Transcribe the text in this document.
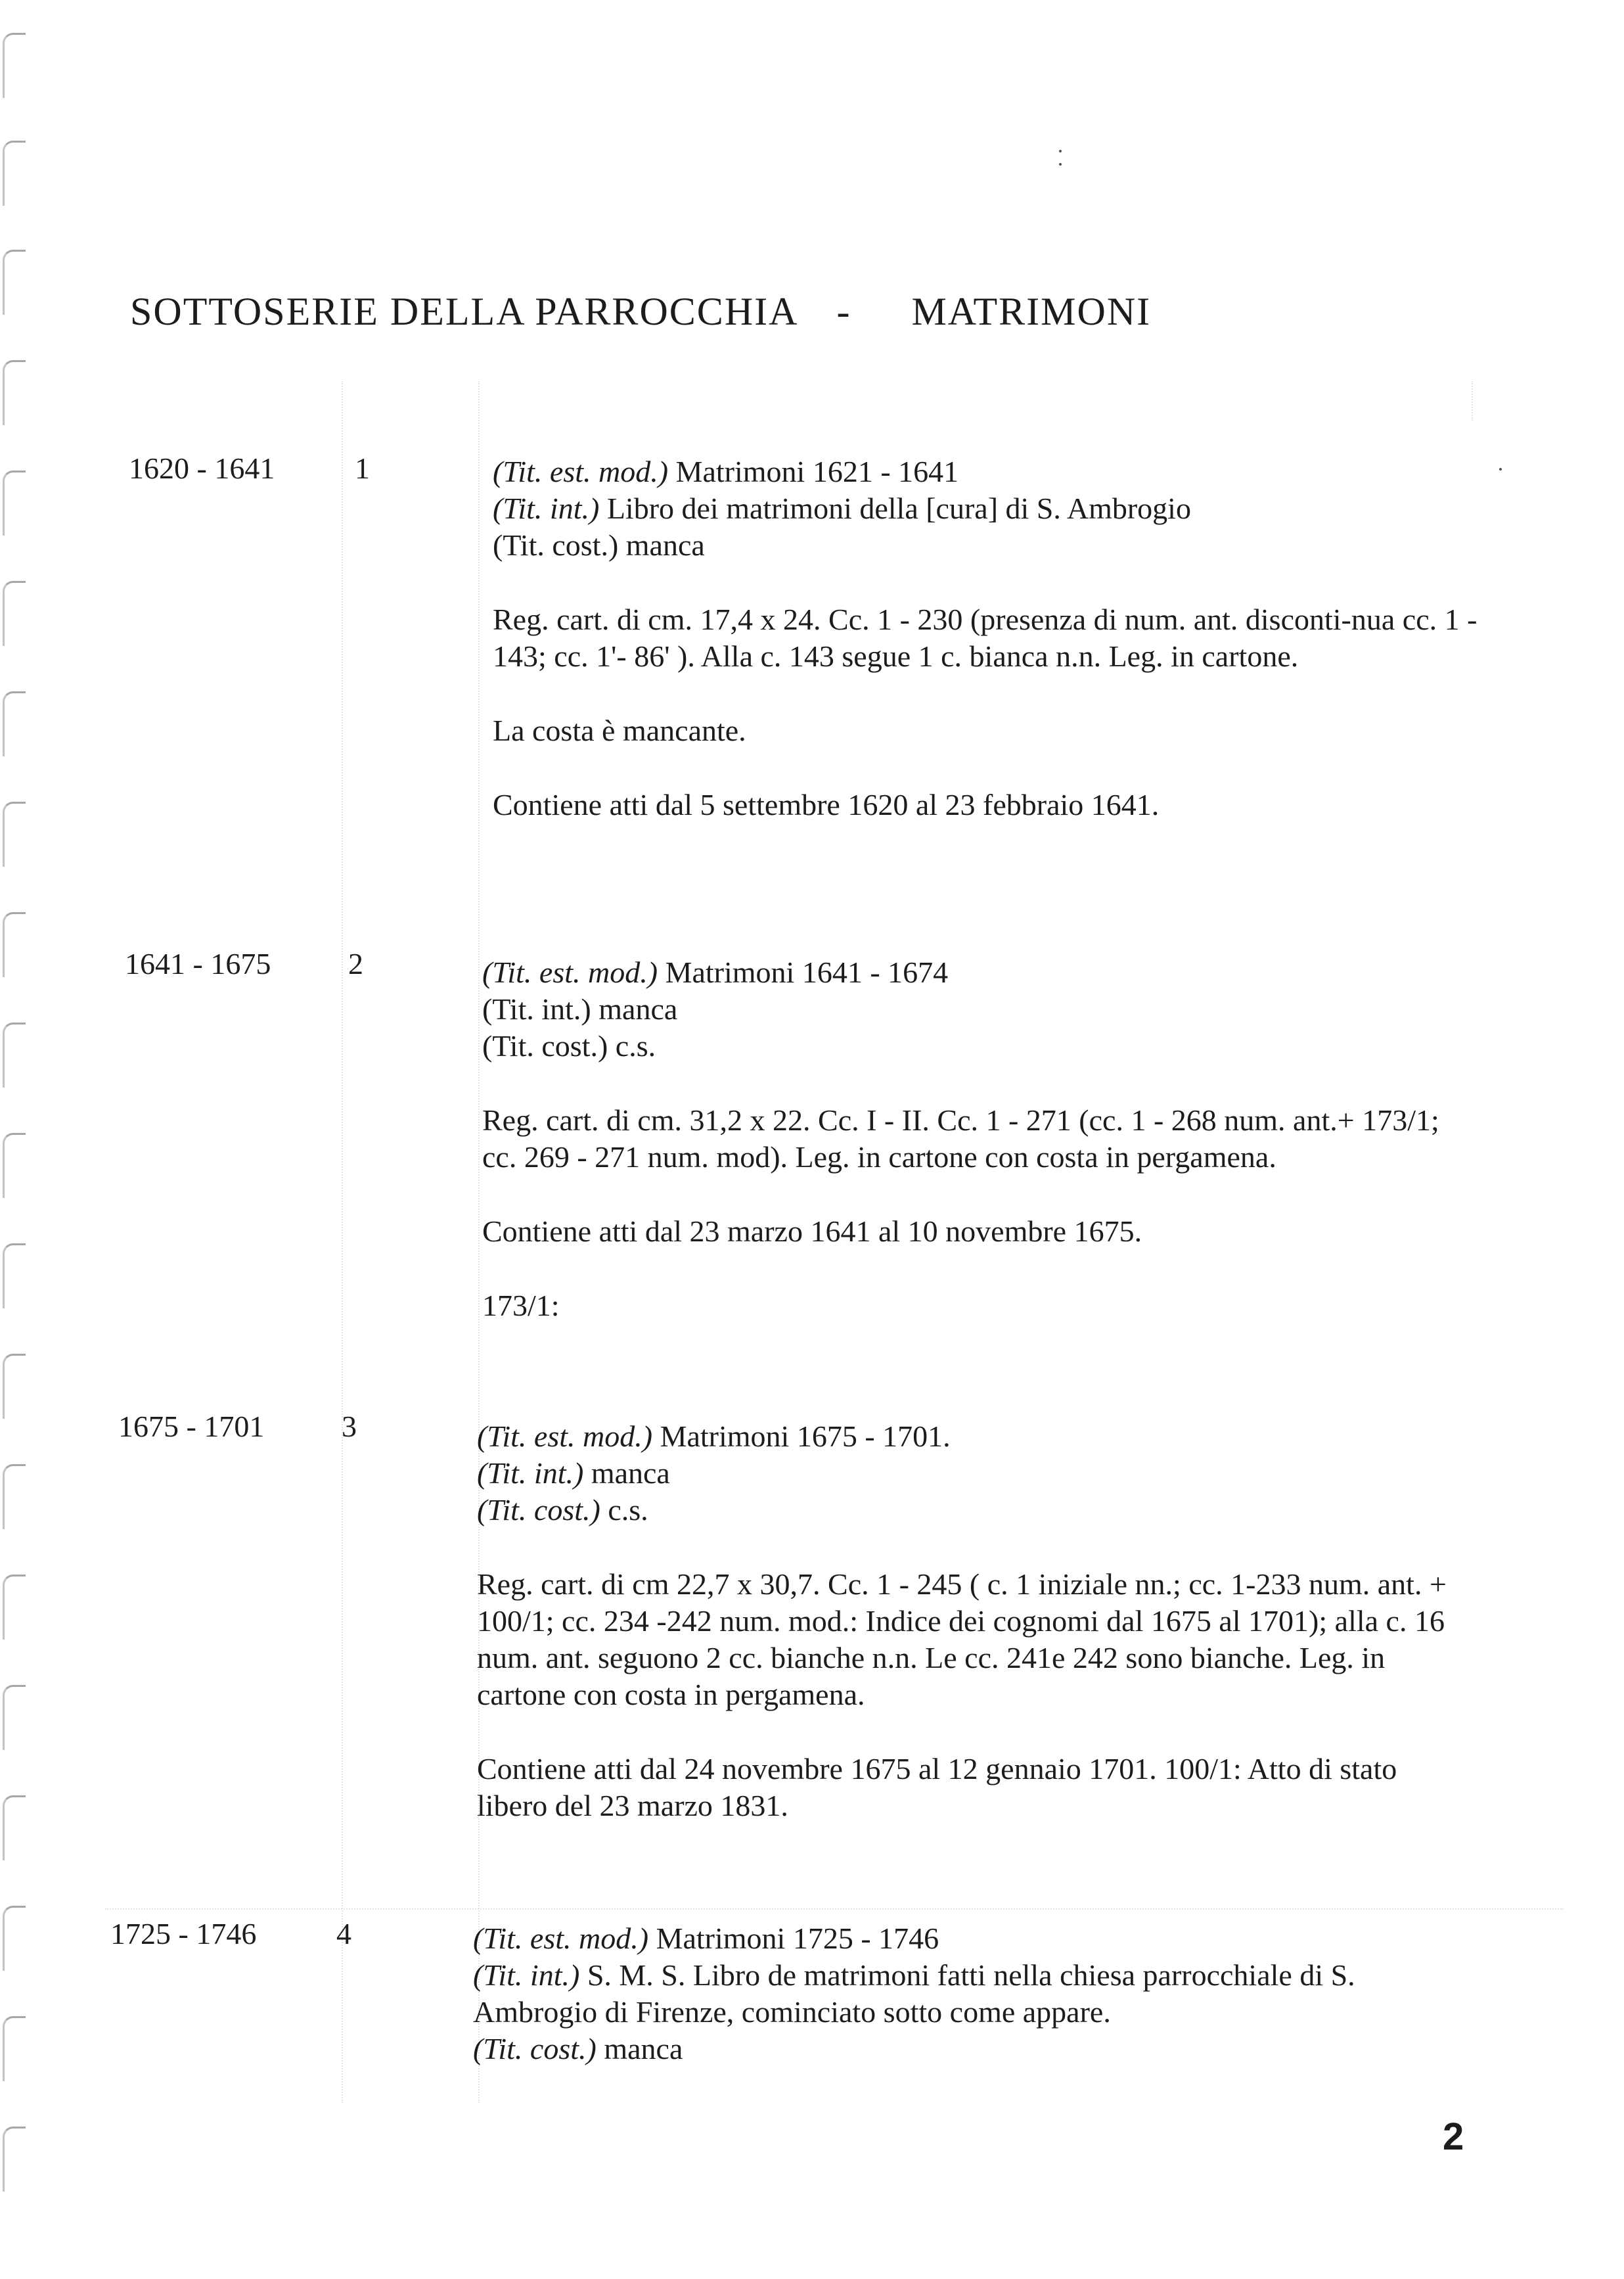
SOTTOSERIE DELLA PARROCCHIA - MATRIMONI
1620 - 1641	1	(Tit. est. mod.) Matrimoni 1621 - 1641

(Tit. int.) Libro dei matrimoni della [cura] di S. Ambrogio

(Tit. cost.) manca

Reg. cart. di cm. 17,4 x 24. Cc. 1 - 230 (presenza di num. ant. disconti-nua cc. 1 - 143; cc. 1'- 86' ). Alla c. 143 segue 1 c. bianca n.n. Leg. in cartone.

La costa è mancante.

Contiene atti dal 5 settembre 1620 al 23 febbraio 1641.

1641 - 1675	2	(Tit. est. mod.) Matrimoni 1641 - 1674

(Tit. int.) manca

(Tit. cost.) c.s.

Reg. cart. di cm. 31,2 x 22. Cc. I - II. Cc. 1 - 271 (cc. 1 - 268 num. ant.+ 173/1; cc. 269 - 271 num. mod). Leg. in cartone con costa in pergamena.

Contiene atti dal 23 marzo 1641 al 10 novembre 1675.

173/1:

1675 - 1701	3	(Tit. est. mod.) Matrimoni 1675 - 1701.

(Tit. int.) manca

(Tit. cost.) c.s.

Reg. cart. di cm 22,7 x 30,7. Cc. 1 - 245 ( c. 1 iniziale nn.; cc. 1-233 num. ant. + 100/1; cc. 234 -242 num. mod.: Indice dei cognomi dal 1675 al 1701); alla c. 16 num. ant. seguono 2 cc. bianche n.n. Le cc. 241e 242 sono bianche. Leg. in cartone con costa in pergamena.

Contiene atti dal 24 novembre 1675 al 12 gennaio 1701. 100/1: Atto di stato libero del 23 marzo 1831.

1725 - 1746	4	(Tit. est. mod.) Matrimoni 1725 - 1746

(Tit. int.) S. M. S. Libro de matrimoni fatti nella chiesa parrocchiale di S. Ambrogio di Firenze, cominciato sotto come appare.

(Tit. cost.) manca

2
